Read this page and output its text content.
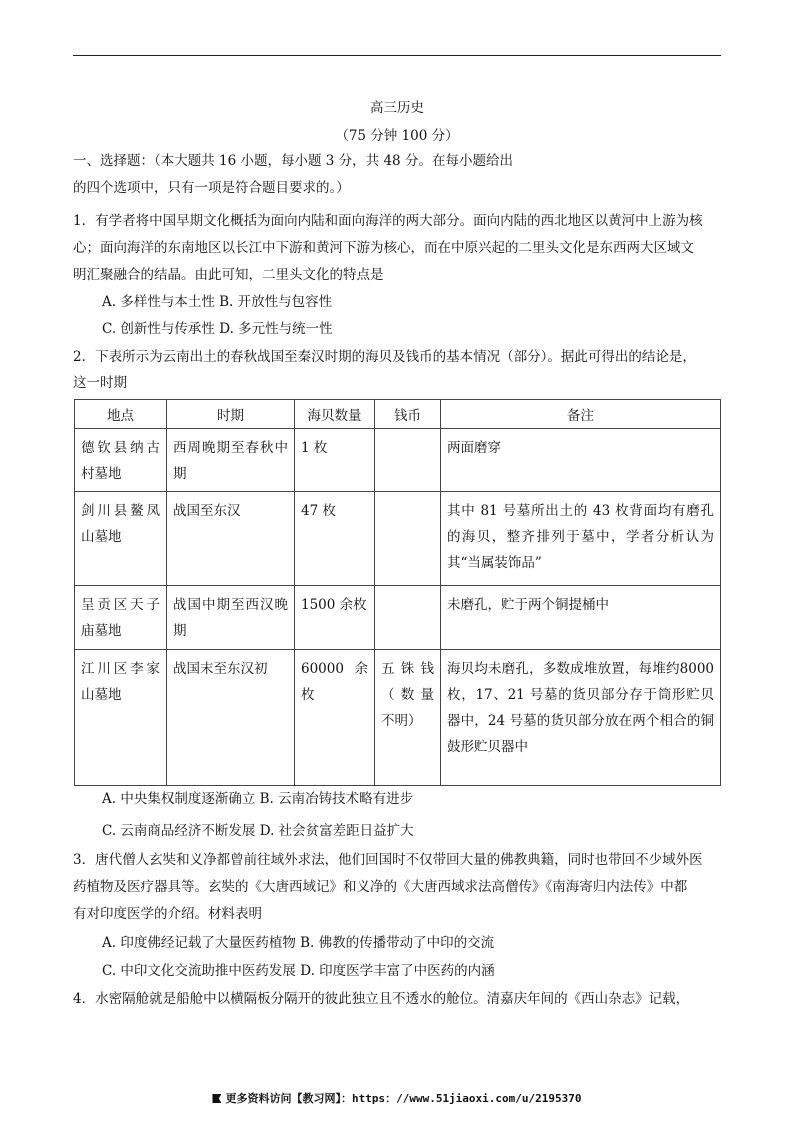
高三历史
（75 分钟 100 分）
一、选择题：（本大题共 16 小题，每小题 3 分，共 48 分。在每小题给出
的四个选项中，只有一项是符合题目要求的。）
1．有学者将中国早期文化概括为面向内陆和面向海洋的两大部分。面向内陆的西北地区以黄河中上游为核
心；面向海洋的东南地区以长江中下游和黄河下游为核心，而在中原兴起的二里头文化是东西两大区域文
明汇聚融合的结晶。由此可知，二里头文化的特点是
A. 多样性与本土性 B. 开放性与包容性
C. 创新性与传承性 D. 多元性与统一性
2．下表所示为云南出土的春秋战国至秦汉时期的海贝及钱币的基本情况（部分）。据此可得出的结论是，
这一时期
地点	时期	海贝数量	钱币	备注

德钦县纳古村墓地	西周晚期至春秋中期	1 枚		两面磨穿

剑川县鳌凤山墓地	战国至东汉	47 枚		其中 81 号墓所出土的 43 枚背面均有磨孔的海贝，整齐排列于墓中，学者分析认为其“当属装饰品”

呈贡区天子庙墓地	战国中期至西汉晚期	1500 余枚		未磨孔，贮于两个铜提桶中

江川区李家山墓地	战国末至东汉初	60000 余枚	五铢钱（数量不明）	海贝均未磨孔，多数成堆放置，每堆约8000 枚，17、21 号墓的货贝部分存于筒形贮贝器中，24 号墓的货贝部分放在两个相合的铜鼓形贮贝器中
A. 中央集权制度逐渐确立 B. 云南冶铸技术略有进步
C. 云南商品经济不断发展 D. 社会贫富差距日益扩大
3．唐代僧人玄奘和义净都曾前往域外求法，他们回国时不仅带回大量的佛教典籍，同时也带回不少域外医
药植物及医疗器具等。玄奘的《大唐西域记》和义净的《大唐西域求法高僧传》《南海寄归内法传》中都
有对印度医学的介绍。材料表明
A. 印度佛经记载了大量医药植物 B. 佛教的传播带动了中印的交流
C. 中印文化交流助推中医药发展 D. 印度医学丰富了中医药的内涵
4．水密隔舱就是船舱中以横隔板分隔开的彼此独立且不透水的舱位。清嘉庆年间的《西山杂志》记载，
更多资料访问【教习网】：https：//www.51jiaoxi.com/u/2195370
